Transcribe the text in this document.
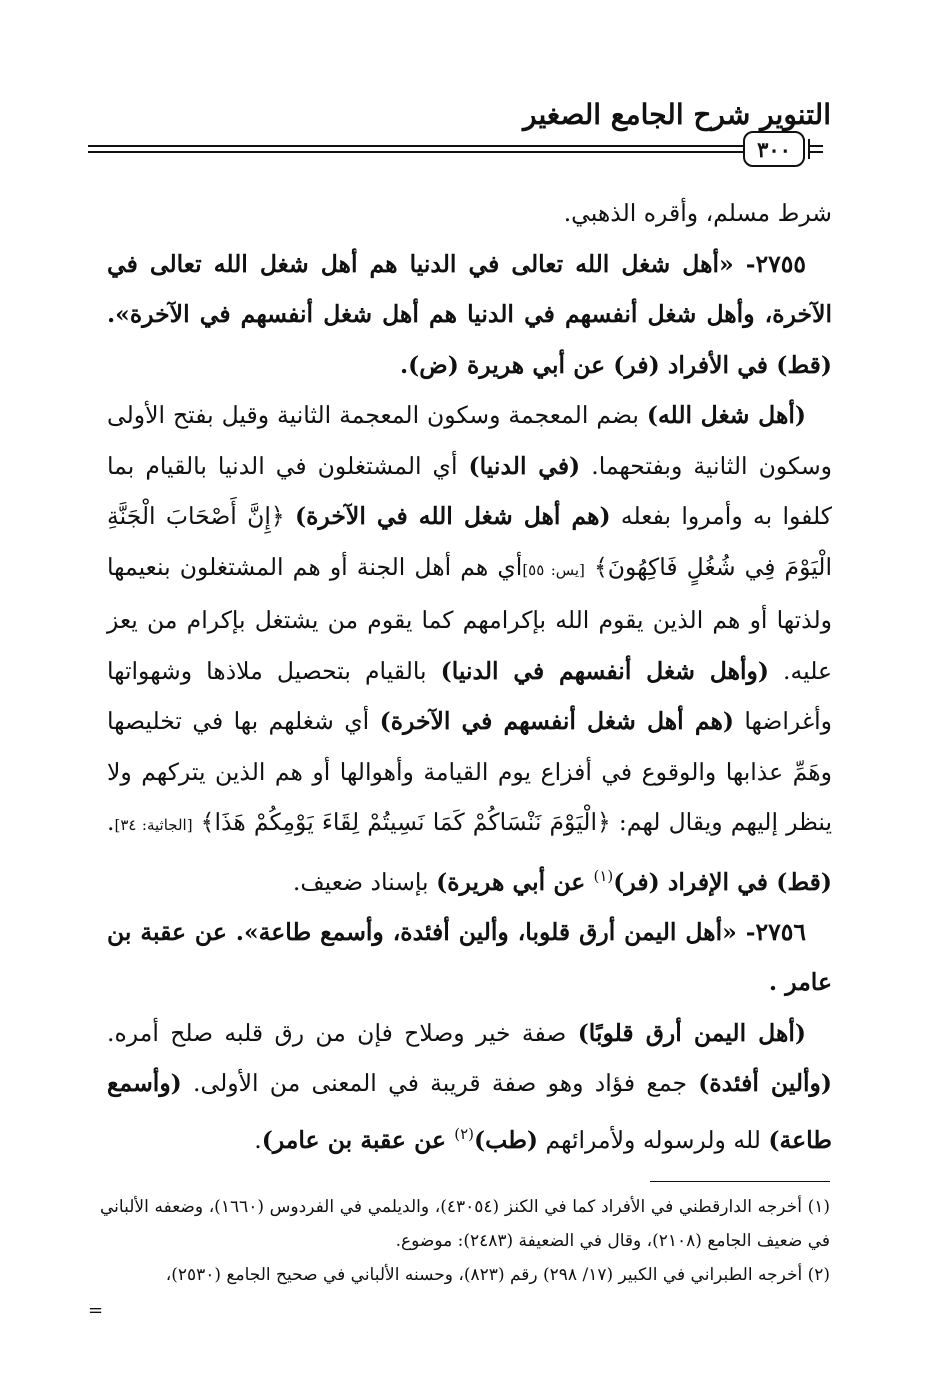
التنوير شرح الجامع الصغير
٣٠٠

شرط مسلم، وأقره الذهبي.

٢٧٥٥- «أهل شغل الله تعالى في الدنيا هم أهل شغل الله تعالى في الآخرة، وأهل شغل أنفسهم في الدنيا هم أهل شغل أنفسهم في الآخرة». (قط) في الأفراد (فر) عن أبي هريرة (ض).

(أهل شغل الله) بضم المعجمة وسكون المعجمة الثانية وقيل بفتح الأولى وسكون الثانية وبفتحهما. (في الدنيا) أي المشتغلون في الدنيا بالقيام بما كلفوا به وأمروا بفعله (هم أهل شغل الله في الآخرة) ﴿إِنَّ أَصْحَابَ الْجَنَّةِ الْيَوْمَ فِي شُغُلٍ فَاكِهُونَ﴾ [يس: ٥٥]أي هم أهل الجنة أو هم المشتغلون بنعيمها ولذتها أو هم الذين يقوم الله بإكرامهم كما يقوم من يشتغل بإكرام من يعز عليه. (وأهل شغل أنفسهم في الدنيا) بالقيام بتحصيل ملاذها وشهواتها وأغراضها (هم أهل شغل أنفسهم في الآخرة) أي شغلهم بها في تخليصها وهَمِّ عذابها والوقوع في أفزاع يوم القيامة وأهوالها أو هم الذين يتركهم ولا ينظر إليهم ويقال لهم: ﴿الْيَوْمَ نَنْسَاكُمْ كَمَا نَسِيتُمْ لِقَاءَ يَوْمِكُمْ هَذَا﴾ [الجاثية: ٣٤]. (قط) في الإفراد (فر)$^{(١)}$ عن أبي هريرة) بإسناد ضعيف.

٢٧٥٦- «أهل اليمن أرق قلوبا، وألين أفئدة، وأسمع طاعة». عن عقبة بن عامر .

(أهل اليمن أرق قلوبًا) صفة خير وصلاح فإن من رق قلبه صلح أمره. (وألين أفئدة) جمع فؤاد وهو صفة قريبة في المعنى من الأولى. (وأسمع طاعة) لله ولرسوله ولأمرائهم (طب)$^{(٢)}$ عن عقبة بن عامر).

(١) أخرجه الدارقطني في الأفراد كما في الكنز (٤٣٠٥٤)، والديلمي في الفردوس (١٦٦٠)، وضعفه الألباني في ضعيف الجامع (٢١٠٨)، وقال في الضعيفة (٢٤٨٣): موضوع.

(٢) أخرجه الطبراني في الكبير (١٧/ ٢٩٨) رقم (٨٢٣)، وحسنه الألباني في صحيح الجامع (٢٥٣٠)،

=
